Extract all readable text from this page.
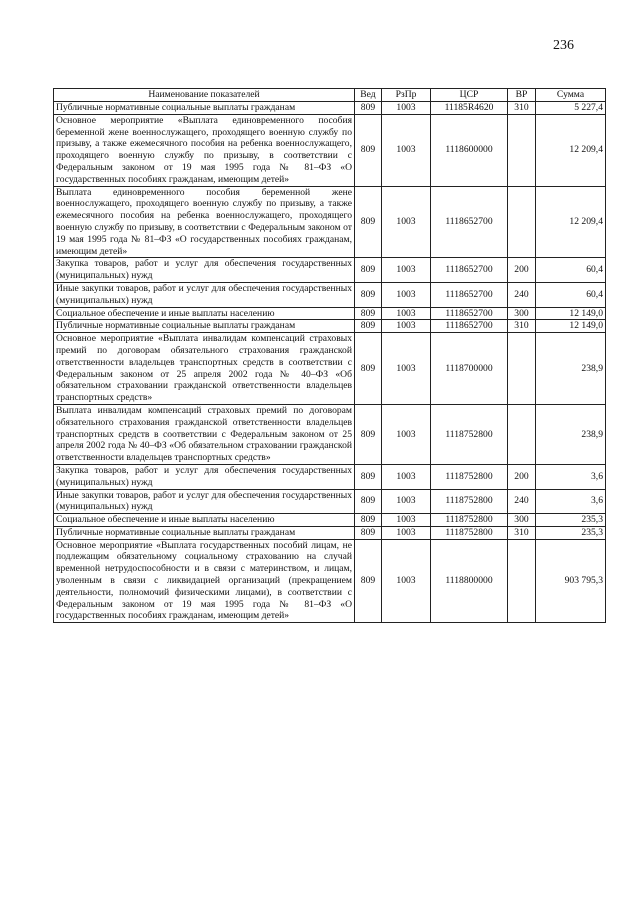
236
Наименование показателей	Вед	РзПр	ЦСР	ВР	Сумма
Публичные нормативные социальные выплаты гражданам	809	1003	11185R4620	310	5 227,4
Основное мероприятие «Выплата единовременного пособия беременной жене военнослужащего, проходящего военную службу по призыву, а также ежемесячного пособия на ребенка военнослужащего, проходящего военную службу по призыву, в соответствии с Федеральным законом от 19 мая 1995 года № 81–ФЗ «О государственных пособиях гражданам, имеющим детей»	809	1003	1118600000		12 209,4
Выплата единовременного пособия беременной жене военнослужащего, проходящего военную службу по призыву, а также ежемесячного пособия на ребенка военнослужащего, проходящего военную службу по призыву, в соответствии с Федеральным законом от 19 мая 1995 года № 81–ФЗ «О государственных пособиях гражданам, имеющим детей»	809	1003	1118652700		12 209,4
Закупка товаров, работ и услуг для обеспечения государственных (муниципальных) нужд	809	1003	1118652700	200	60,4
Иные закупки товаров, работ и услуг для обеспечения государственных (муниципальных) нужд	809	1003	1118652700	240	60,4
Социальное обеспечение и иные выплаты населению	809	1003	1118652700	300	12 149,0
Публичные нормативные социальные выплаты гражданам	809	1003	1118652700	310	12 149,0
Основное мероприятие «Выплата инвалидам компенсаций страховых премий по договорам обязательного страхования гражданской ответственности владельцев транспортных средств в соответствии с Федеральным законом от 25 апреля 2002 года № 40–ФЗ «Об обязательном страховании гражданской ответственности владельцев транспортных средств»	809	1003	1118700000		238,9
Выплата инвалидам компенсаций страховых премий по договорам обязательного страхования гражданской ответственности владельцев транспортных средств в соответствии с Федеральным законом от 25 апреля 2002 года № 40–ФЗ «Об обязательном страховании гражданской ответственности владельцев транспортных средств»	809	1003	1118752800		238,9
Закупка товаров, работ и услуг для обеспечения государственных (муниципальных) нужд	809	1003	1118752800	200	3,6
Иные закупки товаров, работ и услуг для обеспечения государственных (муниципальных) нужд	809	1003	1118752800	240	3,6
Социальное обеспечение и иные выплаты населению	809	1003	1118752800	300	235,3
Публичные нормативные социальные выплаты гражданам	809	1003	1118752800	310	235,3
Основное мероприятие «Выплата государственных пособий лицам, не подлежащим обязательному социальному страхованию на случай временной нетрудоспособности и в связи с материнством, и лицам, уволенным в связи с ликвидацией организаций (прекращением деятельности, полномочий физическими лицами), в соответствии с Федеральным законом от 19 мая 1995 года № 81–ФЗ «О государственных пособиях гражданам, имеющим детей»	809	1003	1118800000		903 795,3
